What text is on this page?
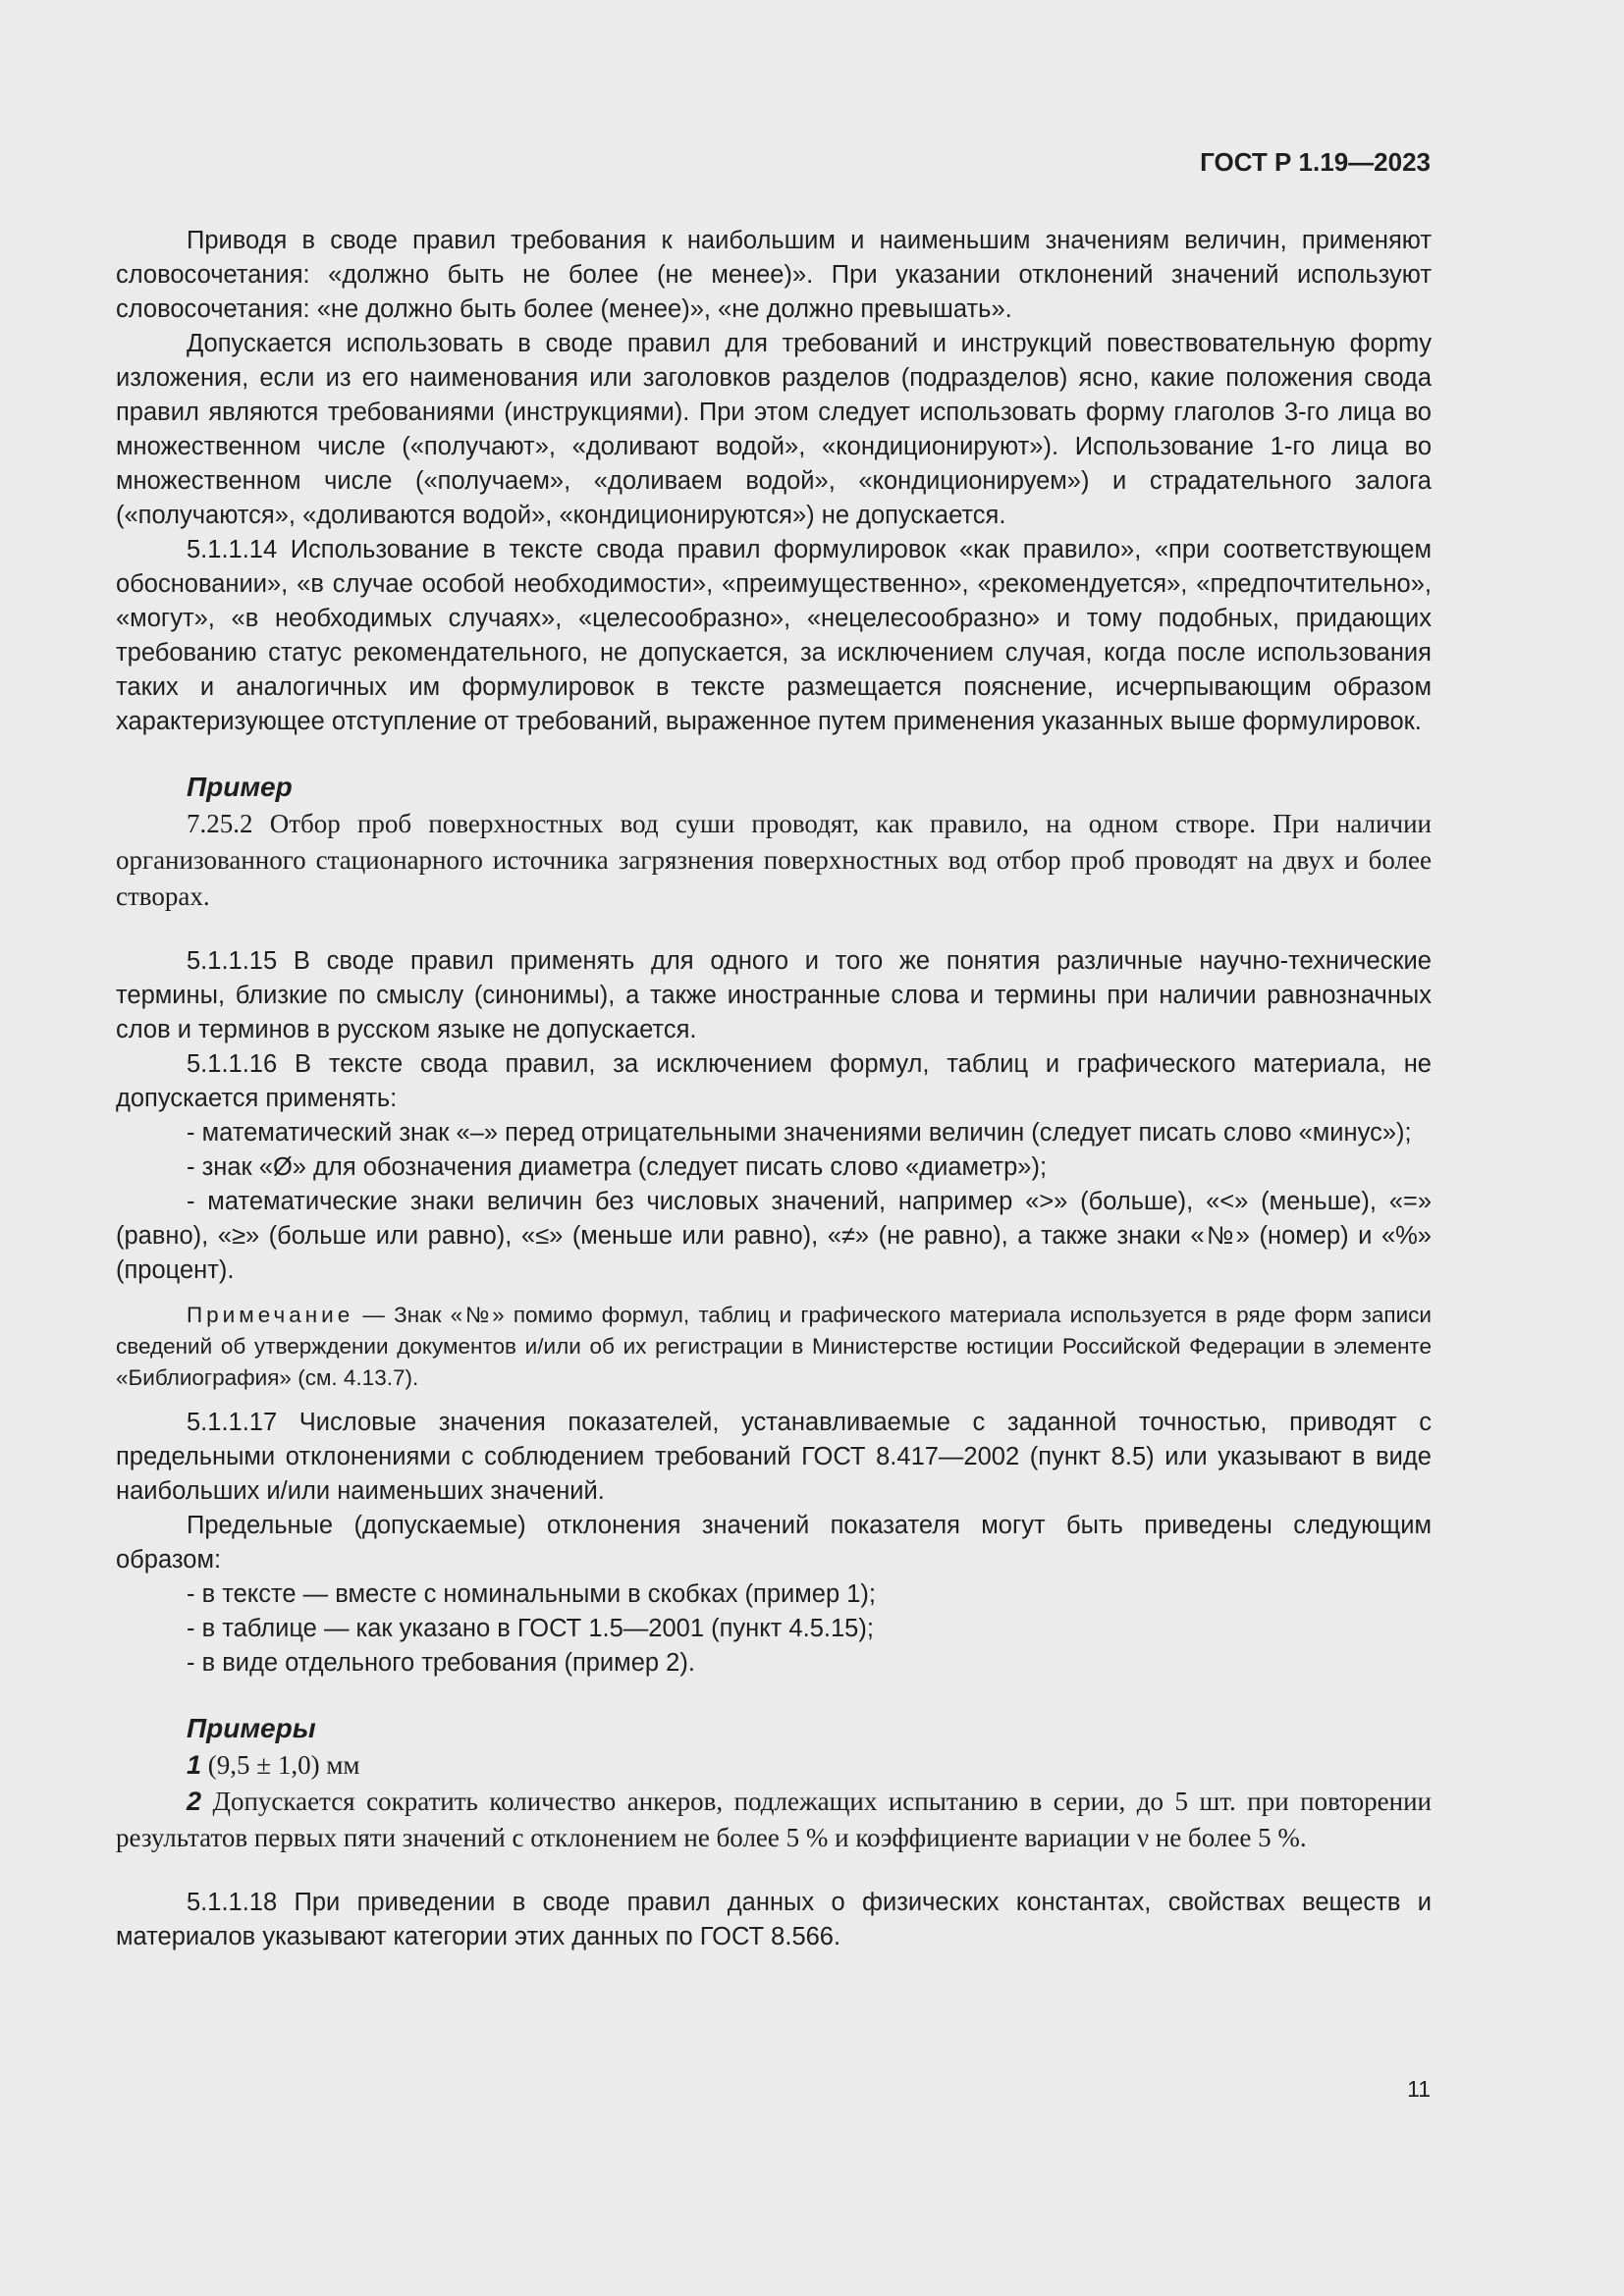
ГОСТ Р 1.19—2023

Приводя в своде правил требования к наибольшим и наименьшим значениям величин, применяют словосочетания: «должно быть не более (не менее)». При указании отклонений значений используют словосочетания: «не должно быть более (менее)», «не должно превышать».

Допускается использовать в своде правил для требований и инструкций повествовательную форmу изложения, если из его наименования или заголовков разделов (подразделов) ясно, какие положения свода правил являются требованиями (инструкциями). При этом следует использовать форму глаголов 3-го лица во множественном числе («получают», «доливают водой», «кондиционируют»). Использование 1-го лица во множественном числе («получаем», «доливаем водой», «кондиционируем») и страдательного залога («получаются», «доливаются водой», «кондиционируются») не допускается.

5.1.1.14 Использование в тексте свода правил формулировок «как правило», «при соответствующем обосновании», «в случае особой необходимости», «преимущественно», «рекомендуется», «предпочтительно», «могут», «в необходимых случаях», «целесообразно», «нецелесообразно» и тому подобных, придающих требованию статус рекомендательного, не допускается, за исключением случая, когда после использования таких и аналогичных им формулировок в тексте размещается пояснение, исчерпывающим образом характеризующее отступление от требований, выраженное путем применения указанных выше формулировок.

Пример

7.25.2 Отбор проб поверхностных вод суши проводят, как правило, на одном створе. При наличии организованного стационарного источника загрязнения поверхностных вод отбор проб проводят на двух и более створах.

5.1.1.15 В своде правил применять для одного и того же понятия различные научно-технические термины, близкие по смыслу (синонимы), а также иностранные слова и термины при наличии равнозначных слов и терминов в русском языке не допускается.

5.1.1.16 В тексте свода правил, за исключением формул, таблиц и графического материала, не допускается применять:

- математический знак «–» перед отрицательными значениями величин (следует писать слово «минус»);

- знак «Ø» для обозначения диаметра (следует писать слово «диаметр»);

- математические знаки величин без числовых значений, например «>» (больше), «<» (меньше), «=» (равно), «≥» (больше или равно), «≤» (меньше или равно), «≠» (не равно), а также знаки «№» (номер) и «%» (процент).

Примечание — Знак «№» помимо формул, таблиц и графического материала используется в ряде форм записи сведений об утверждении документов и/или об их регистрации в Министерстве юстиции Российской Федерации в элементе «Библиография» (см. 4.13.7).

5.1.1.17 Числовые значения показателей, устанавливаемые с заданной точностью, приводят с предельными отклонениями с соблюдением требований ГОСТ 8.417—2002 (пункт 8.5) или указывают в виде наибольших и/или наименьших значений.

Предельные (допускаемые) отклонения значений показателя могут быть приведены следующим образом:

- в тексте — вместе с номинальными в скобках (пример 1);

- в таблице — как указано в ГОСТ 1.5—2001 (пункт 4.5.15);

- в виде отдельного требования (пример 2).

Примеры

1 (9,5 ± 1,0) мм

2 Допускается сократить количество анкеров, подлежащих испытанию в серии, до 5 шт. при повторении результатов первых пяти значений с отклонением не более 5 % и коэффициенте вариации ν не более 5 %.

5.1.1.18 При приведении в своде правил данных о физических константах, свойствах веществ и материалов указывают категории этих данных по ГОСТ 8.566.

11
